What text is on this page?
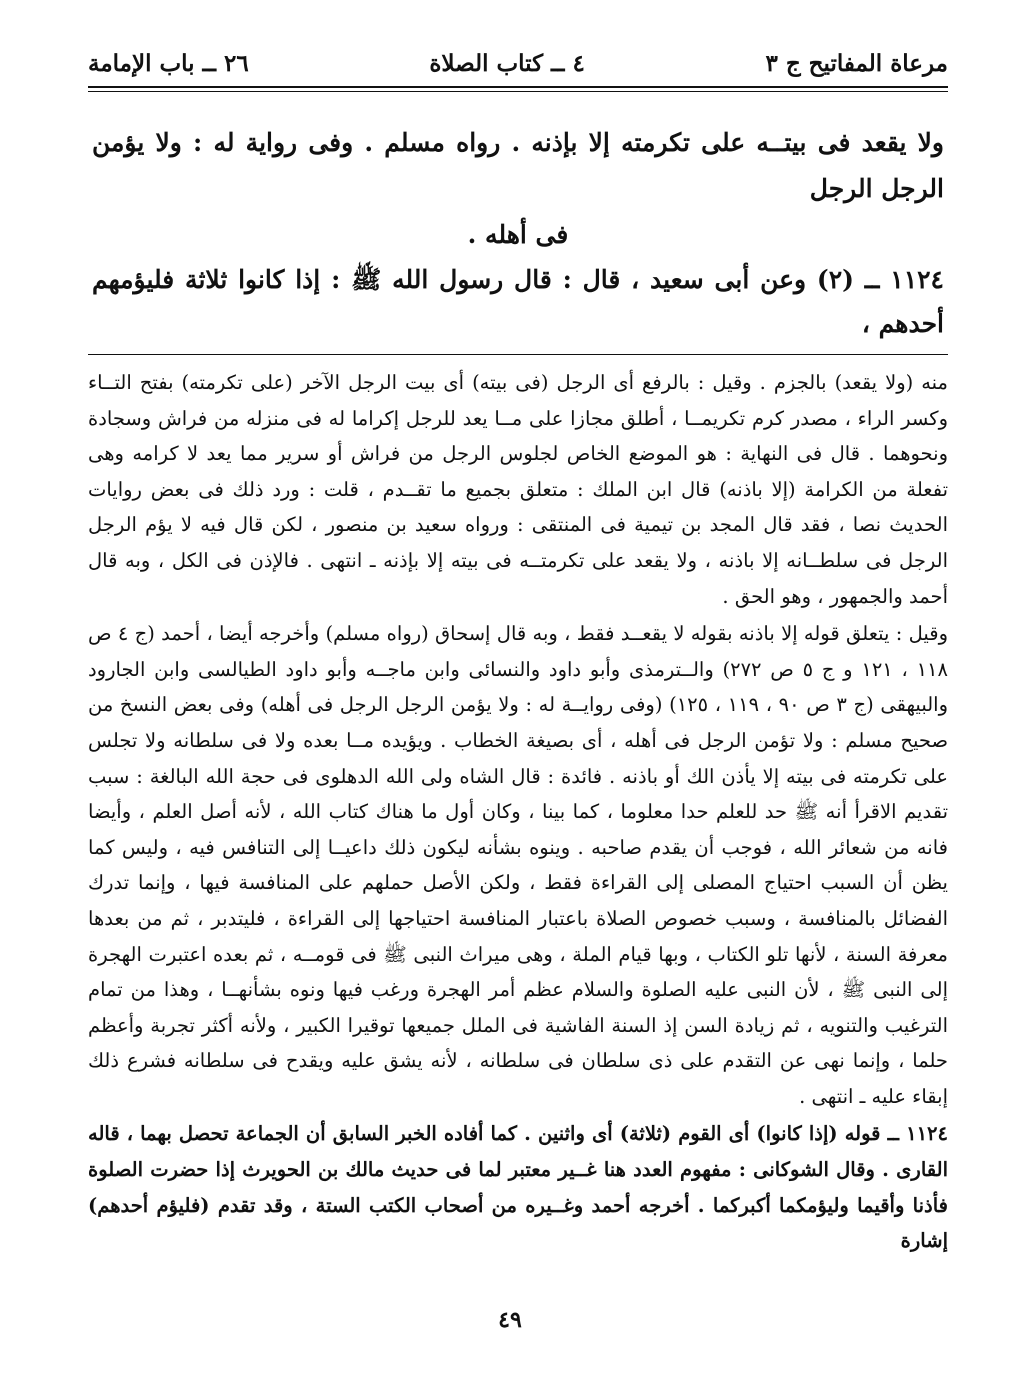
مرعاة المفاتيح ج ٣
٤ ــ كتاب الصلاة
٢٦ ــ باب الإمامة
ولا يقعد فى بيتــه على تكرمته إلا بإذنه . رواه مسلم . وفى رواية له : ولا يؤمن الرجل الرجل
فى أهله .
١١٢٤ ــ (٢) وعن أبى سعيد ، قال : قال رسول الله ﷺ : إذا كانوا ثلاثة فليؤمهم أحدهم ،

منه (ولا يقعد) بالجزم . وقيل : بالرفع أى الرجل (فى بيته) أى بيت الرجل الآخر (على تكرمته) بفتح التــاء وكسر الراء ، مصدر كرم تكريمــا ، أطلق مجازا على مــا يعد للرجل إكراما له فى منزله من فراش وسجادة ونحوهما . قال فى النهاية : هو الموضع الخاص لجلوس الرجل من فراش أو سرير مما يعد لا كرامه وهى تفعلة من الكرامة (إلا باذنه) قال ابن الملك : متعلق بجميع ما تقــدم ، قلت : ورد ذلك فى بعض روايات الحديث نصا ، فقد قال المجد بن تيمية فى المنتقى : ورواه سعيد بن منصور ، لكن قال فيه لا يؤم الرجل الرجل فى سلطــانه إلا باذنه ، ولا يقعد على تكرمتــه فى بيته إلا بإذنه ـ انتهى . فالإذن فى الكل ، وبه قال أحمد والجمهور ، وهو الحق .

وقيل : يتعلق قوله إلا باذنه بقوله لا يقعــد فقط ، وبه قال إسحاق (رواه مسلم) وأخرجه أيضا ، أحمد (ج ٤ ص ١١٨ ، ١٢١ و ج ٥ ص ٢٧٢) والــترمذى وأبو داود والنسائى وابن ماجــه وأبو داود الطيالسى وابن الجارود والبيهقى (ج ٣ ص ٩٠ ، ١١٩ ، ١٢٥) (وفى روايــة له : ولا يؤمن الرجل الرجل فى أهله) وفى بعض النسخ من صحيح مسلم : ولا تؤمن الرجل فى أهله ، أى بصيغة الخطاب . ويؤيده مــا بعده ولا فى سلطانه ولا تجلس على تكرمته فى بيته إلا يأذن الك أو باذنه . فائدة : قال الشاه ولى الله الدهلوى فى حجة الله البالغة : سبب تقديم الاقرأ أنه ﷺ حد للعلم حدا معلوما ، كما بينا ، وكان أول ما هناك كتاب الله ، لأنه أصل العلم ، وأيضا فانه من شعائر الله ، فوجب أن يقدم صاحبه . وينوه بشأنه ليكون ذلك داعيــا إلى التنافس فيه ، وليس كما يظن أن السبب احتياج المصلى إلى القراءة فقط ، ولكن الأصل حملهم على المنافسة فيها ، وإنما تدرك الفضائل بالمنافسة ، وسبب خصوص الصلاة باعتبار المنافسة احتياجها إلى القراءة ، فليتدبر ، ثم من بعدها معرفة السنة ، لأنها تلو الكتاب ، وبها قيام الملة ، وهى ميراث النبى ﷺ فى قومــه ، ثم بعده اعتبرت الهجرة إلى النبى ﷺ ، لأن النبى عليه الصلوة والسلام عظم أمر الهجرة ورغب فيها ونوه بشأنهــا ، وهذا من تمام الترغيب والتنويه ، ثم زيادة السن إذ السنة الفاشية فى الملل جميعها توقيرا الكبير ، ولأنه أكثر تجربة وأعظم حلما ، وإنما نهى عن التقدم على ذى سلطان فى سلطانه ، لأنه يشق عليه ويقدح فى سلطانه فشرع ذلك إبقاء عليه ـ انتهى .

١١٢٤ ــ قوله (إذا كانوا) أى القوم (ثلاثة) أى واثنين . كما أفاده الخبر السابق أن الجماعة تحصل بهما ، قاله القارى . وقال الشوكانى : مفهوم العدد هنا غــير معتبر لما فى حديث مالك بن الحويرث إذا حضرت الصلوة فأذنا وأقيما وليؤمكما أكبركما . أخرجه أحمد وغــيره من أصحاب الكتب الستة ، وقد تقدم (فليؤم أحدهم) إشارة

٤٩
